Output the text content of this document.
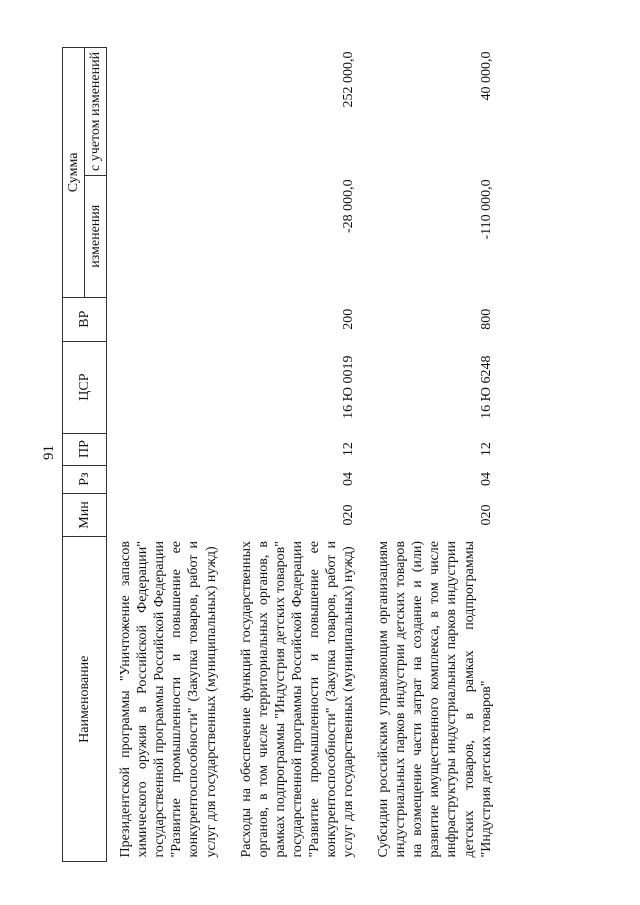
91
Наименование	Мин	Рз	ПР	ЦСР	ВР	Сумма	
						изменения	с учетом изменений
Президентской программы "Уничтожение запасов химического оружия в Российской Федерации" государственной программы Российской Федерации "Развитие промышленности и повышение ее конкурентоспособности" (Закупка товаров, работ и услуг для государственных (муниципальных) нужд)							
Расходы на обеспечение функций государственных органов, в том числе территориальных органов, в рамках подпрограммы "Индустрия детских товаров" государственной программы Российской Федерации "Развитие промышленности и повышение ее конкурентоспособности" (Закупка товаров, работ и услуг для государственных (муниципальных) нужд)	020	04	12	16 Ю 0019	200	-28 000,0	252 000,0
Субсидии российским управляющим организациям индустриальных парков индустрии детских товаров на возмещение части затрат на создание и (или) развитие имущественного комплекса, в том числе инфраструктуры индустриальных парков индустрии детских товаров, в рамках подпрограммы "Индустрия детских товаров"	020	04	12	16 Ю 6248	800	-110 000,0	40 000,0
